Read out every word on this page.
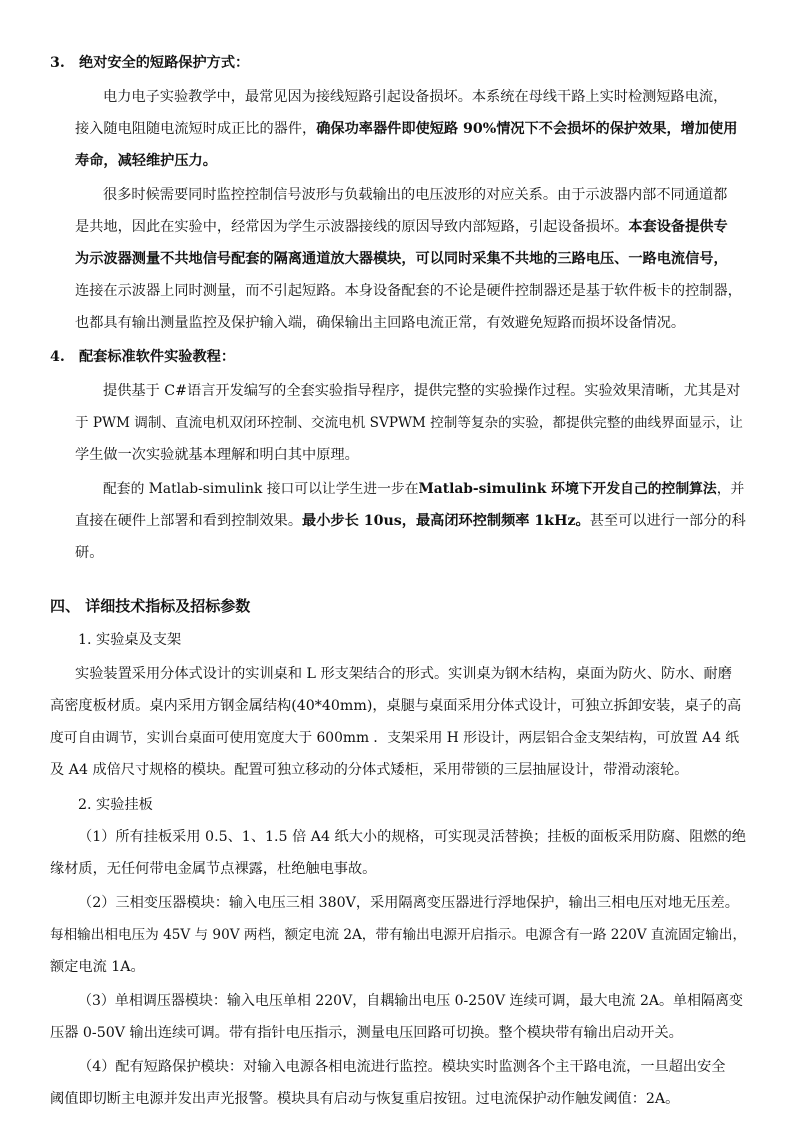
3.　绝对安全的短路保护方式：
电力电子实验教学中，最常见因为接线短路引起设备损坏。本系统在母线干路上实时检测短路电流，
接入随电阻随电流短时成正比的器件，确保功率器件即使短路 90%情况下不会损坏的保护效果，增加使用
寿命，减轻维护压力。
很多时候需要同时监控控制信号波形与负载输出的电压波形的对应关系。由于示波器内部不同通道都
是共地，因此在实验中，经常因为学生示波器接线的原因导致内部短路，引起设备损坏。本套设备提供专
为示波器测量不共地信号配套的隔离通道放大器模块，可以同时采集不共地的三路电压、一路电流信号，
连接在示波器上同时测量，而不引起短路。本身设备配套的不论是硬件控制器还是基于软件板卡的控制器，
也都具有输出测量监控及保护输入端，确保输出主回路电流正常，有效避免短路而损坏设备情况。
4.　配套标准软件实验教程：
提供基于 C#语言开发编写的全套实验指导程序，提供完整的实验操作过程。实验效果清晰，尤其是对
于 PWM 调制、直流电机双闭环控制、交流电机 SVPWM 控制等复杂的实验，都提供完整的曲线界面显示，让
学生做一次实验就基本理解和明白其中原理。
配套的 Matlab-simulink 接口可以让学生进一步在Matlab-simulink 环境下开发自己的控制算法，并
直接在硬件上部署和看到控制效果。最小步长 10us，最高闭环控制频率 1kHz。甚至可以进行一部分的科
研。
四、 详细技术指标及招标参数
1. 实验桌及支架
实验装置采用分体式设计的实训桌和 L 形支架结合的形式。实训桌为钢木结构，桌面为防火、防水、耐磨
高密度板材质。桌内采用方钢金属结构(40*40mm)，桌腿与桌面采用分体式设计，可独立拆卸安装，桌子的高
度可自由调节，实训台桌面可使用宽度大于 600mm ．支架采用 H 形设计，两层铝合金支架结构，可放置 A4 纸
及 A4 成倍尺寸规格的模块。配置可独立移动的分体式矮柜，采用带锁的三层抽屉设计，带滑动滚轮。
2. 实验挂板
（1）所有挂板采用 0.5、1、1.5 倍 A4 纸大小的规格，可实现灵活替换；挂板的面板采用防腐、阻燃的绝
缘材质，无任何带电金属节点裸露，杜绝触电事故。
（2）三相变压器模块：输入电压三相 380V，采用隔离变压器进行浮地保护，输出三相电压对地无压差。
每相输出相电压为 45V 与 90V 两档，额定电流 2A，带有输出电源开启指示。电源含有一路 220V 直流固定输出，
额定电流 1A。
（3）单相调压器模块：输入电压单相 220V，自耦输出电压 0-250V 连续可调，最大电流 2A。单相隔离变
压器 0-50V 输出连续可调。带有指针电压指示，测量电压回路可切换。整个模块带有输出启动开关。
（4）配有短路保护模块：对输入电源各相电流进行监控。模块实时监测各个主干路电流，一旦超出安全
阈值即切断主电源并发出声光报警。模块具有启动与恢复重启按钮。过电流保护动作触发阈值：2A。
